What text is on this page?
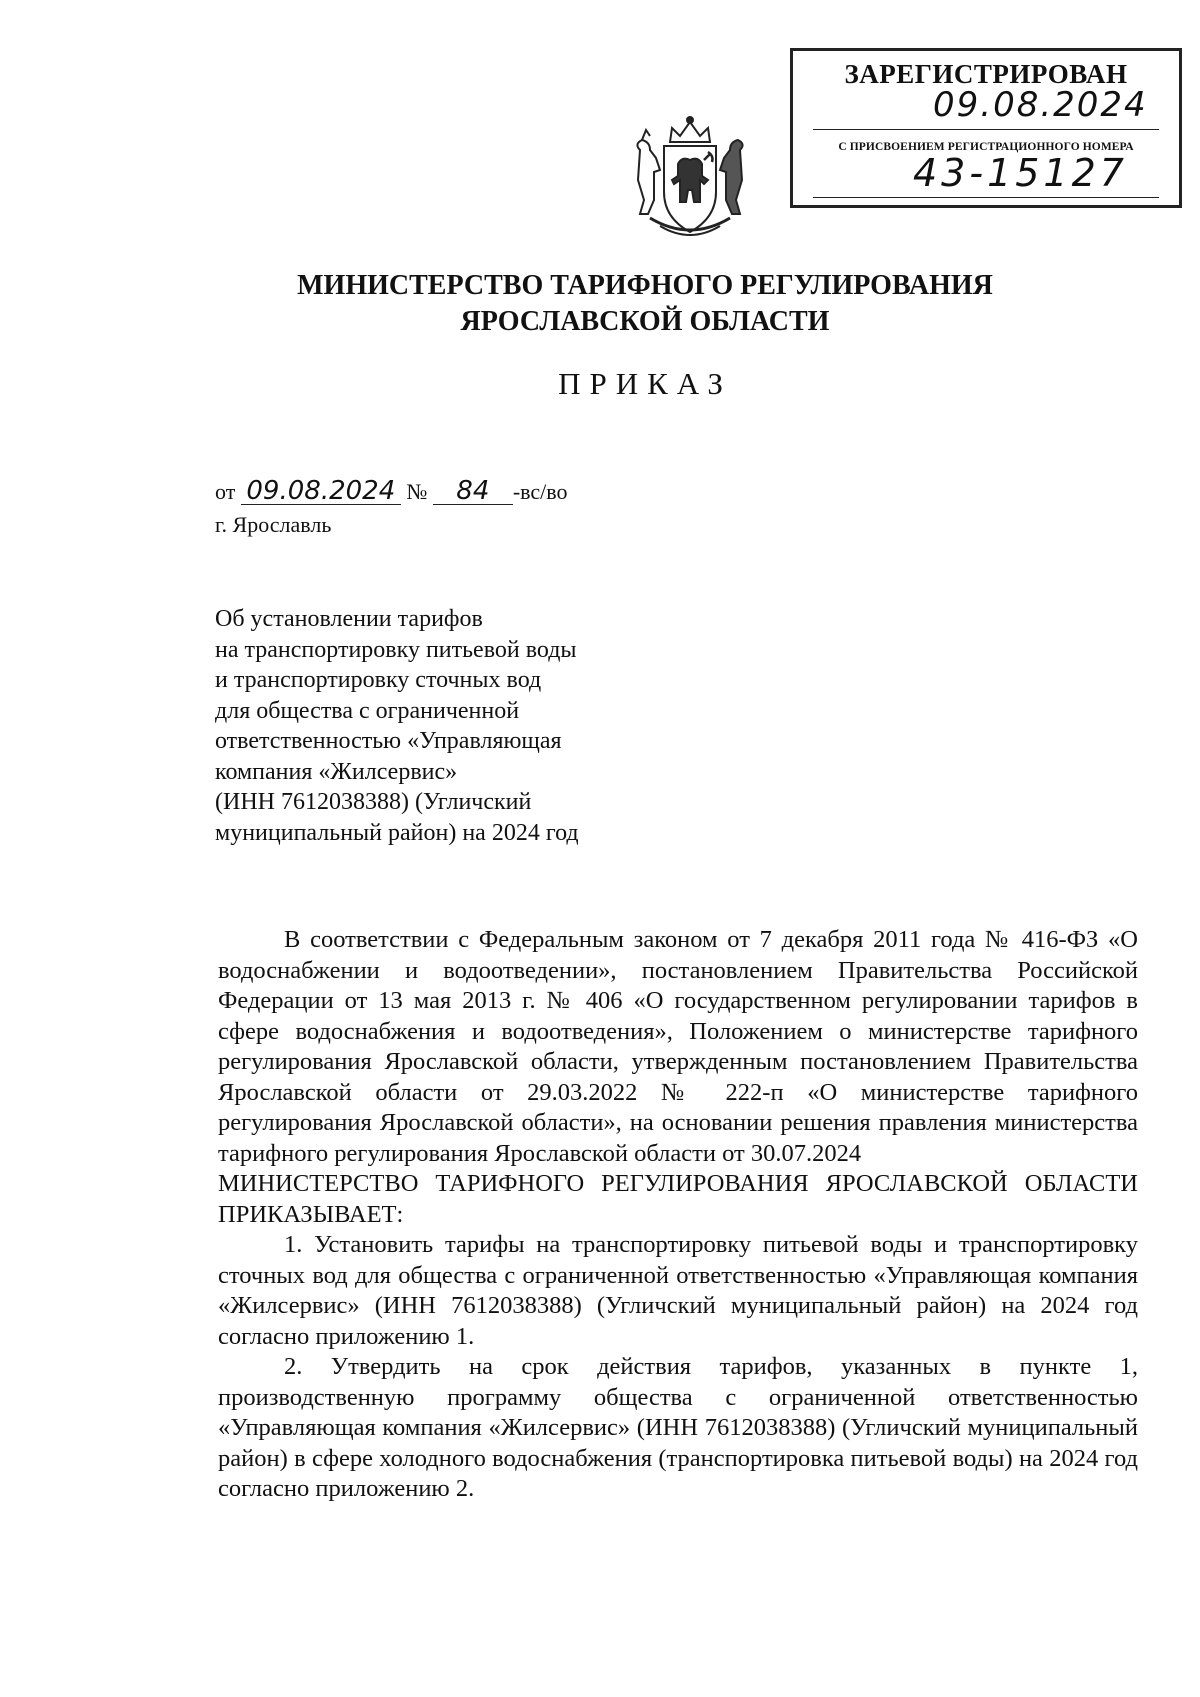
ЗАРЕГИСТРИРОВАН
09.08.2024
С ПРИСВОЕНИЕМ РЕГИСТРАЦИОННОГО НОМЕРА
43-15127
МИНИСТЕРСТВО ТАРИФНОГО РЕГУЛИРОВАНИЯ
ЯРОСЛАВСКОЙ ОБЛАСТИ
ПРИКАЗ
от 09.08.2024 № 84 -вс/во
г. Ярославль
Об установлении тарифов
на транспортировку питьевой воды
и транспортировку сточных вод
для общества с ограниченной
ответственностью «Управляющая
компания «Жилсервис»
(ИНН 7612038388) (Угличский
муниципальный район) на 2024 год

В соответствии с Федеральным законом от 7 декабря 2011 года № 416-ФЗ «О водоснабжении и водоотведении», постановлением Правительства Российской Федерации от 13 мая 2013 г. № 406 «О государственном регулировании тарифов в сфере водоснабжения и водоотведения», Положением о министерстве тарифного регулирования Ярославской области, утвержденным постановлением Правительства Ярославской области от 29.03.2022 № 222-п «О министерстве тарифного регулирования Ярославской области», на основании решения правления министерства тарифного регулирования Ярославской области от 30.07.2024

МИНИСТЕРСТВО ТАРИФНОГО РЕГУЛИРОВАНИЯ ЯРОСЛАВСКОЙ ОБЛАСТИ ПРИКАЗЫВАЕТ:

1. Установить тарифы на транспортировку питьевой воды и транспортировку сточных вод для общества с ограниченной ответственностью «Управляющая компания «Жилсервис» (ИНН 7612038388) (Угличский муниципальный район) на 2024 год согласно приложению 1.

2. Утвердить на срок действия тарифов, указанных в пункте 1, производственную программу общества с ограниченной ответственностью «Управляющая компания «Жилсервис» (ИНН 7612038388) (Угличский муниципальный район) в сфере холодного водоснабжения (транспортировка питьевой воды) на 2024 год согласно приложению 2.
